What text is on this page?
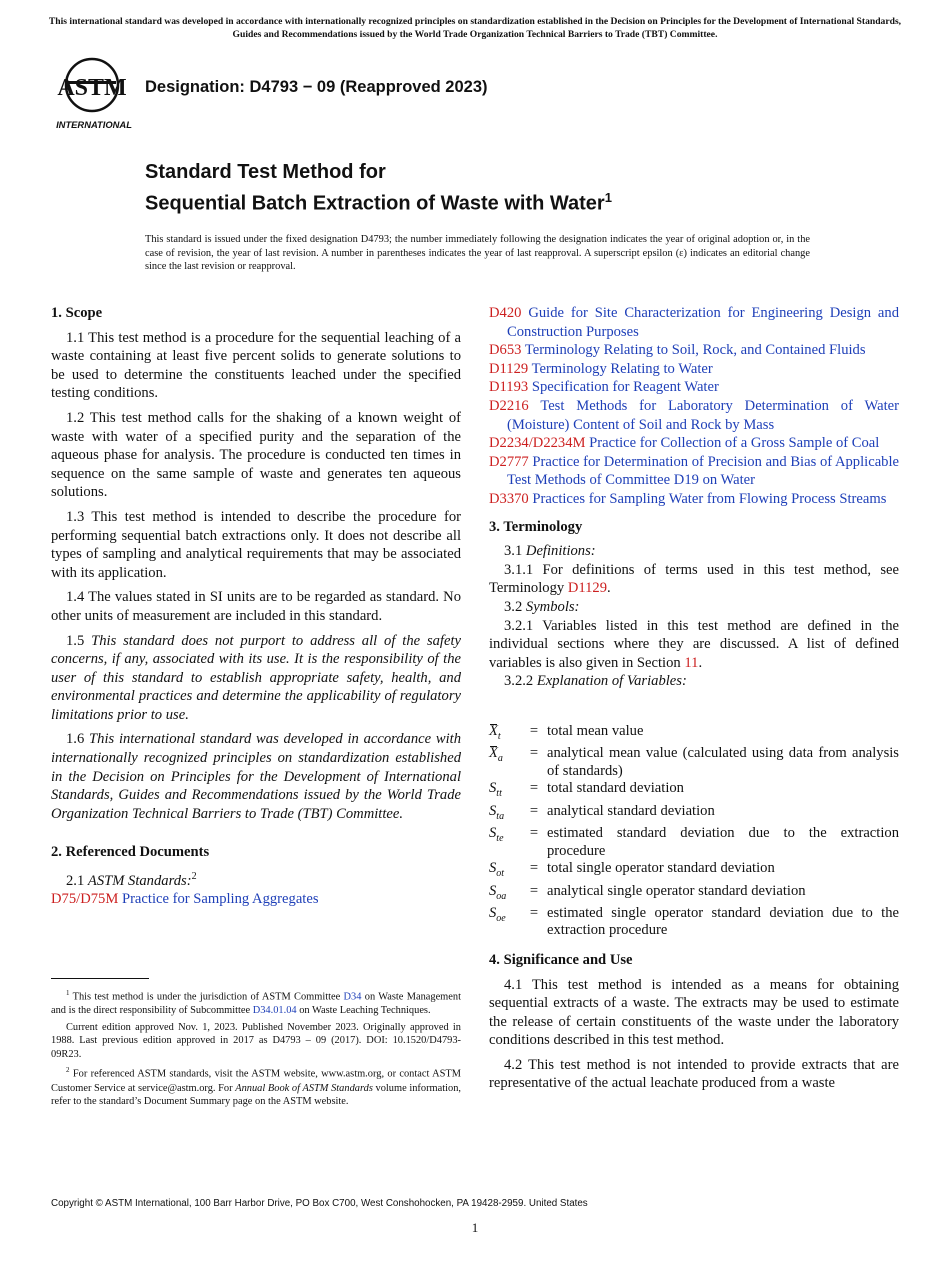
This international standard was developed in accordance with internationally recognized principles on standardization established in the Decision on Principles for the Development of International Standards, Guides and Recommendations issued by the World Trade Organization Technical Barriers to Trade (TBT) Committee.
ASTM
INTERNATIONAL
Designation: D4793 − 09 (Reapproved 2023)
Standard Test Method for
Sequential Batch Extraction of Waste with Water$^1$
This standard is issued under the fixed designation D4793; the number immediately following the designation indicates the year of original adoption or, in the case of revision, the year of last revision. A number in parentheses indicates the year of last reapproval. A superscript epsilon (ε) indicates an editorial change since the last revision or reapproval.
1. Scope

1.1 This test method is a procedure for the sequential leaching of a waste containing at least five percent solids to generate solutions to be used to determine the constituents leached under the specified testing conditions.

1.2 This test method calls for the shaking of a known weight of waste with water of a specified purity and the separation of the aqueous phase for analysis. The procedure is conducted ten times in sequence on the same sample of waste and generates ten aqueous solutions.

1.3 This test method is intended to describe the procedure for performing sequential batch extractions only. It does not describe all types of sampling and analytical requirements that may be associated with its application.

1.4 The values stated in SI units are to be regarded as standard. No other units of measurement are included in this standard.

1.5 This standard does not purport to address all of the safety concerns, if any, associated with its use. It is the responsibility of the user of this standard to establish appropriate safety, health, and environmental practices and determine the applicability of regulatory limitations prior to use.

1.6 This international standard was developed in accordance with internationally recognized principles on standardization established in the Decision on Principles for the Development of International Standards, Guides and Recommendations issued by the World Trade Organization Technical Barriers to Trade (TBT) Committee.

2. Referenced Documents

2.1 ASTM Standards:$^2$

D75/D75M Practice for Sampling Aggregates
D420 Guide for Site Characterization for Engineering Design and Construction Purposes
D653 Terminology Relating to Soil, Rock, and Contained Fluids
D1129 Terminology Relating to Water
D1193 Specification for Reagent Water
D2216 Test Methods for Laboratory Determination of Water (Moisture) Content of Soil and Rock by Mass
D2234/D2234M Practice for Collection of a Gross Sample of Coal
D2777 Practice for Determination of Precision and Bias of Applicable Test Methods of Committee D19 on Water
D3370 Practices for Sampling Water from Flowing Process Streams
3. Terminology

3.1 Definitions:

3.1.1 For definitions of terms used in this test method, see Terminology D1129.

3.2 Symbols:

3.2.1 Variables listed in this test method are defined in the individual sections where they are discussed. A list of defined variables is also given in Section 11.

3.2.2 Explanation of Variables:

$X_t$	=	total mean value
$X_a$	=	analytical mean value (calculated using data from analysis of standards)
$S_{tt}$	=	total standard deviation
$S_{ta}$	=	analytical standard deviation
$S_{te}$	=	estimated standard deviation due to the extraction procedure
$S_{ot}$	=	total single operator standard deviation
$S_{oa}$	=	analytical single operator standard deviation
$S_{oe}$	=	estimated single operator standard deviation due to the extraction procedure
4. Significance and Use

4.1 This test method is intended as a means for obtaining sequential extracts of a waste. The extracts may be used to estimate the release of certain constituents of the waste under the laboratory conditions described in this test method.

4.2 This test method is not intended to provide extracts that are representative of the actual leachate produced from a waste

$^1$ This test method is under the jurisdiction of ASTM Committee D34 on Waste Management and is the direct responsibility of Subcommittee D34.01.04 on Waste Leaching Techniques.

Current edition approved Nov. 1, 2023. Published November 2023. Originally approved in 1988. Last previous edition approved in 2017 as D4793 – 09 (2017). DOI: 10.1520/D4793-09R23.

$^2$ For referenced ASTM standards, visit the ASTM website, www.astm.org, or contact ASTM Customer Service at service@astm.org. For Annual Book of ASTM Standards volume information, refer to the standard’s Document Summary page on the ASTM website.

Copyright © ASTM International, 100 Barr Harbor Drive, PO Box C700, West Conshohocken, PA 19428-2959. United States
1
